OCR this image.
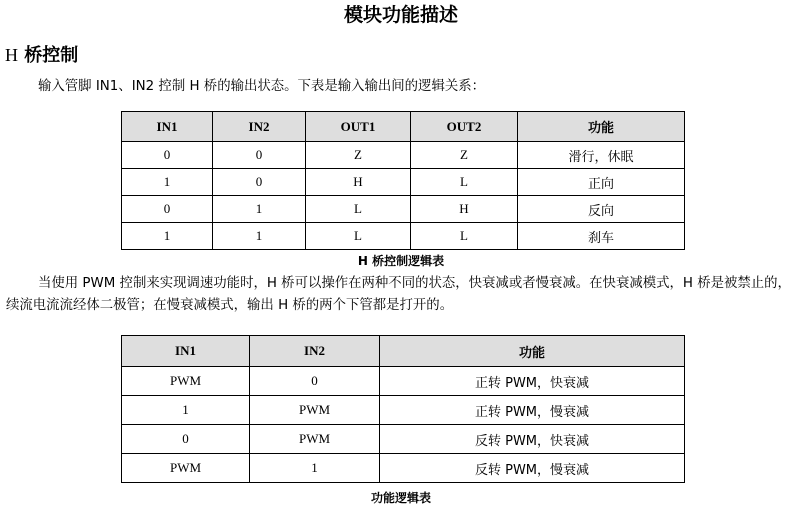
模块功能描述
H 桥控制
输入管脚 IN1、IN2 控制 H 桥的输出状态。下表是输入输出间的逻辑关系：
IN1	IN2	OUT1	OUT2	功能
0	0	Z	Z	滑行，休眠
1	0	H	L	正向
0	1	L	H	反向
1	1	L	L	刹车
H 桥控制逻辑表
当使用 PWM 控制来实现调速功能时，H 桥可以操作在两种不同的状态，快衰减或者慢衰减。在快衰减模式，H 桥是被禁止的，续流电流流经体二极管；在慢衰减模式，输出 H 桥的两个下管都是打开的。
IN1	IN2	功能
PWM	0	正转 PWM，快衰减
1	PWM	正转 PWM，慢衰减
0	PWM	反转 PWM，快衰减
PWM	1	反转 PWM，慢衰减
功能逻辑表
